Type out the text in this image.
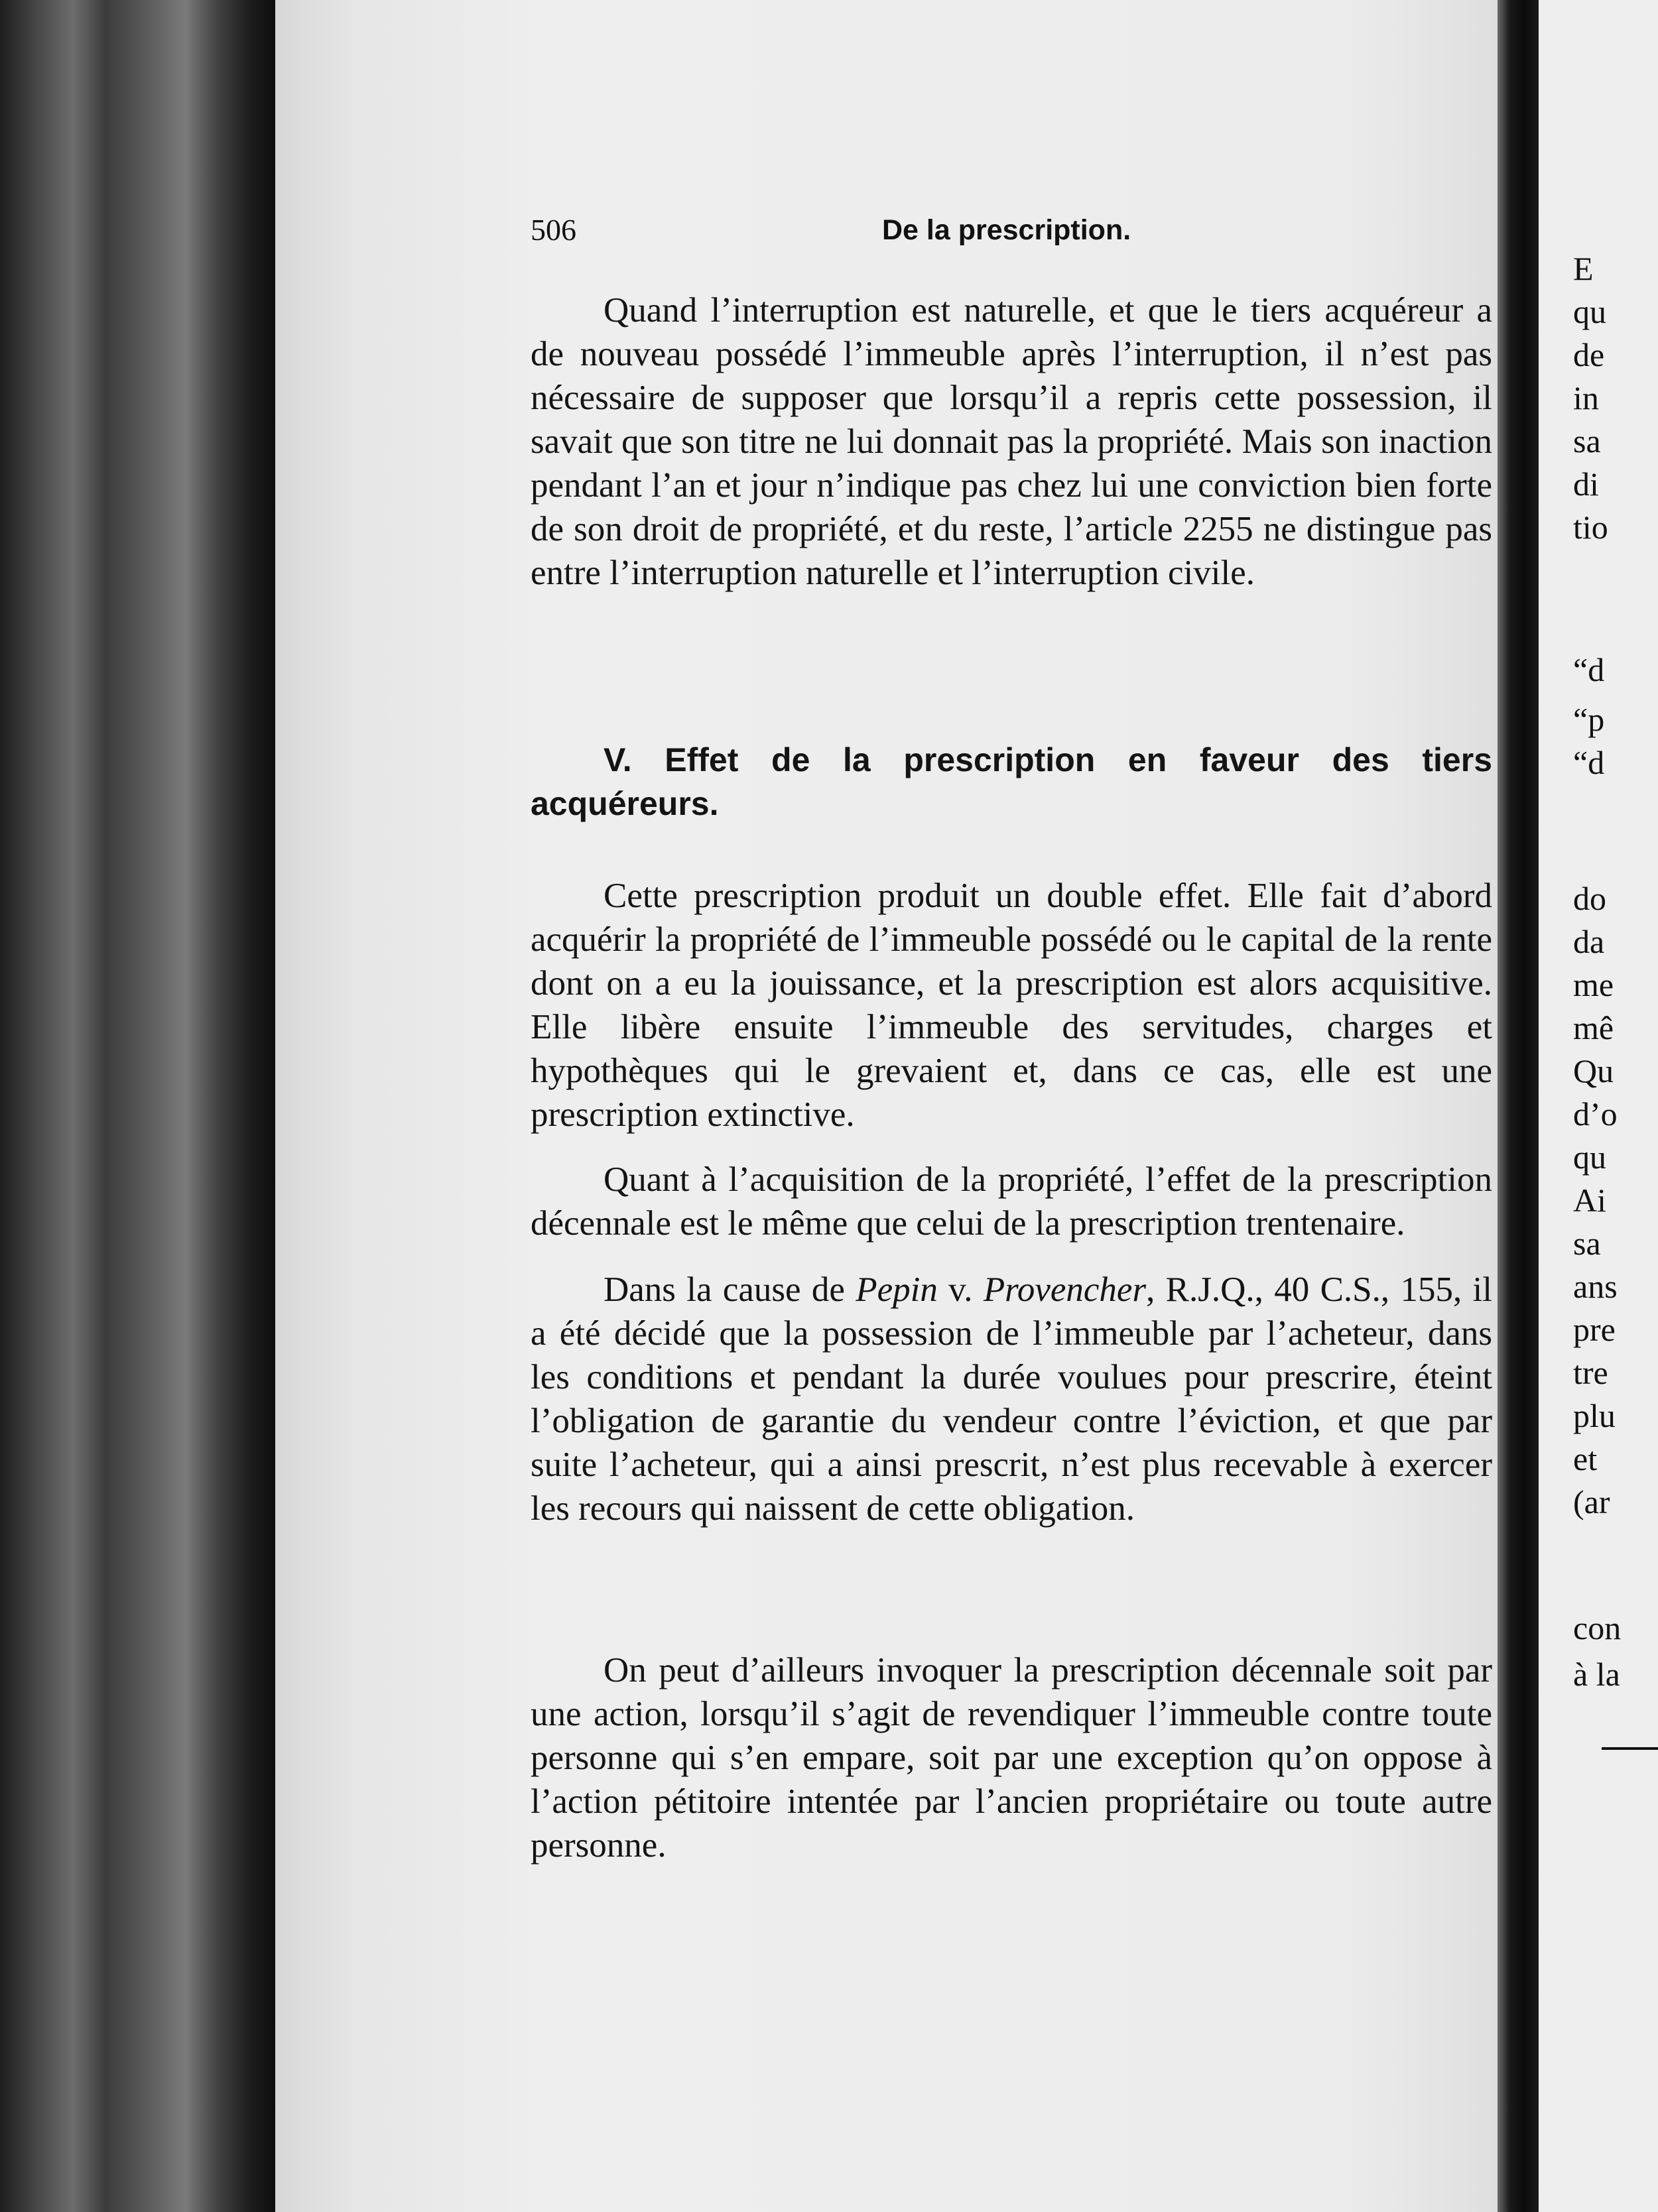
E
qu
de
in
sa
di
tio
“d
“p
“d
do
da
me
mê
Qu
d’o
qu
Ai
sa
ans
pre
tre
plu
et
(ar
con
à la
506	De la prescription.

Quand l’interruption est naturelle, et que le tiers acquéreur a de nouveau possédé l’immeuble après l’interruption, il n’est pas nécessaire de supposer que lorsqu’il a repris cette possession, il savait que son titre ne lui donnait pas la propriété. Mais son inaction pendant l’an et jour n’indique pas chez lui une conviction bien forte de son droit de propriété, et du reste, l’article 2255 ne distingue pas entre l’interruption naturelle et l’interruption civile.

V. Effet de la prescription en faveur des tiers acquéreurs.

Cette prescription produit un double effet. Elle fait d’abord acquérir la propriété de l’immeuble possédé ou le capital de la rente dont on a eu la jouissance, et la prescription est alors acquisitive. Elle libère ensuite l’immeuble des servitudes, charges et hypothèques qui le grevaient et, dans ce cas, elle est une prescription extinctive.

Quant à l’acquisition de la propriété, l’effet de la prescription décennale est le même que celui de la prescription trentenaire.

Dans la cause de Pepin v. Provencher, R.J.Q., 40 C.S., 155, il a été décidé que la possession de l’immeuble par l’acheteur, dans les conditions et pendant la durée voulues pour prescrire, éteint l’obligation de garantie du vendeur contre l’éviction, et que par suite l’acheteur, qui a ainsi prescrit, n’est plus recevable à exercer les recours qui naissent de cette obligation.

On peut d’ailleurs invoquer la prescription décennale soit par une action, lorsqu’il s’agit de revendiquer l’immeuble contre toute personne qui s’en empare, soit par une exception qu’on oppose à l’action pétitoire intentée par l’ancien propriétaire ou toute autre personne.
